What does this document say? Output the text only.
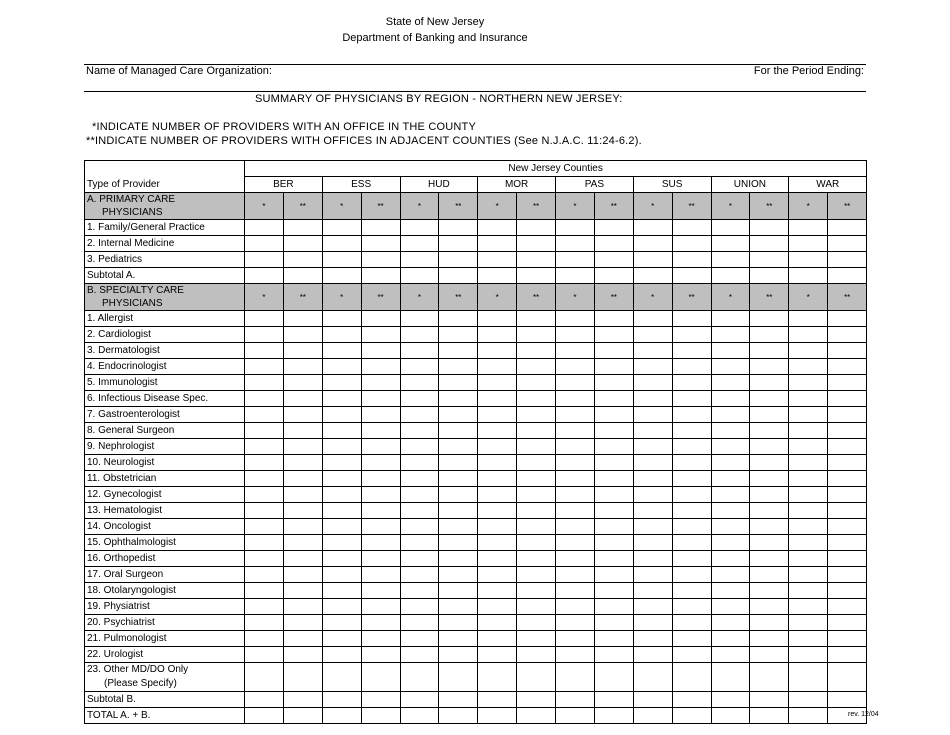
State of New Jersey
Department of Banking and Insurance
Name of Managed Care Organization:	For the Period Ending:
SUMMARY OF PHYSICIANS BY REGION - NORTHERN NEW JERSEY:
*INDICATE NUMBER OF PROVIDERS WITH AN OFFICE IN THE COUNTY
**INDICATE NUMBER OF PROVIDERS WITH OFFICES IN ADJACENT COUNTIES (See N.J.A.C. 11:24-6.2).
	New Jersey Counties															
Type of Provider	BER		ESS		HUD		MOR		PAS		SUS		UNION		WAR	
A. PRIMARY CARE
PHYSICIANS	*	**	*	**	*	**	*	**	*	**	*	**	*	**	*	**
1. Family/General Practice																
2. Internal Medicine																
3. Pediatrics																
Subtotal A.																
B. SPECIALTY CARE
PHYSICIANS	*	**	*	**	*	**	*	**	*	**	*	**	*	**	*	**
1. Allergist																
2. Cardiologist																
3. Dermatologist																
4. Endocrinologist																
5. Immunologist																
6. Infectious Disease Spec.																
7. Gastroenterologist																
8. General Surgeon																
9. Nephrologist																
10. Neurologist																
11. Obstetrician																
12. Gynecologist																
13. Hematologist																
14. Oncologist																
15. Ophthalmologist																
16. Orthopedist																
17. Oral Surgeon																
18. Otolaryngologist																
19. Physiatrist																
20. Psychiatrist																
21. Pulmonologist																
22. Urologist																
23. Other MD/DO Only
(Please Specify)																

Subtotal B.																
TOTAL A. + B.																	rev. 12/04
